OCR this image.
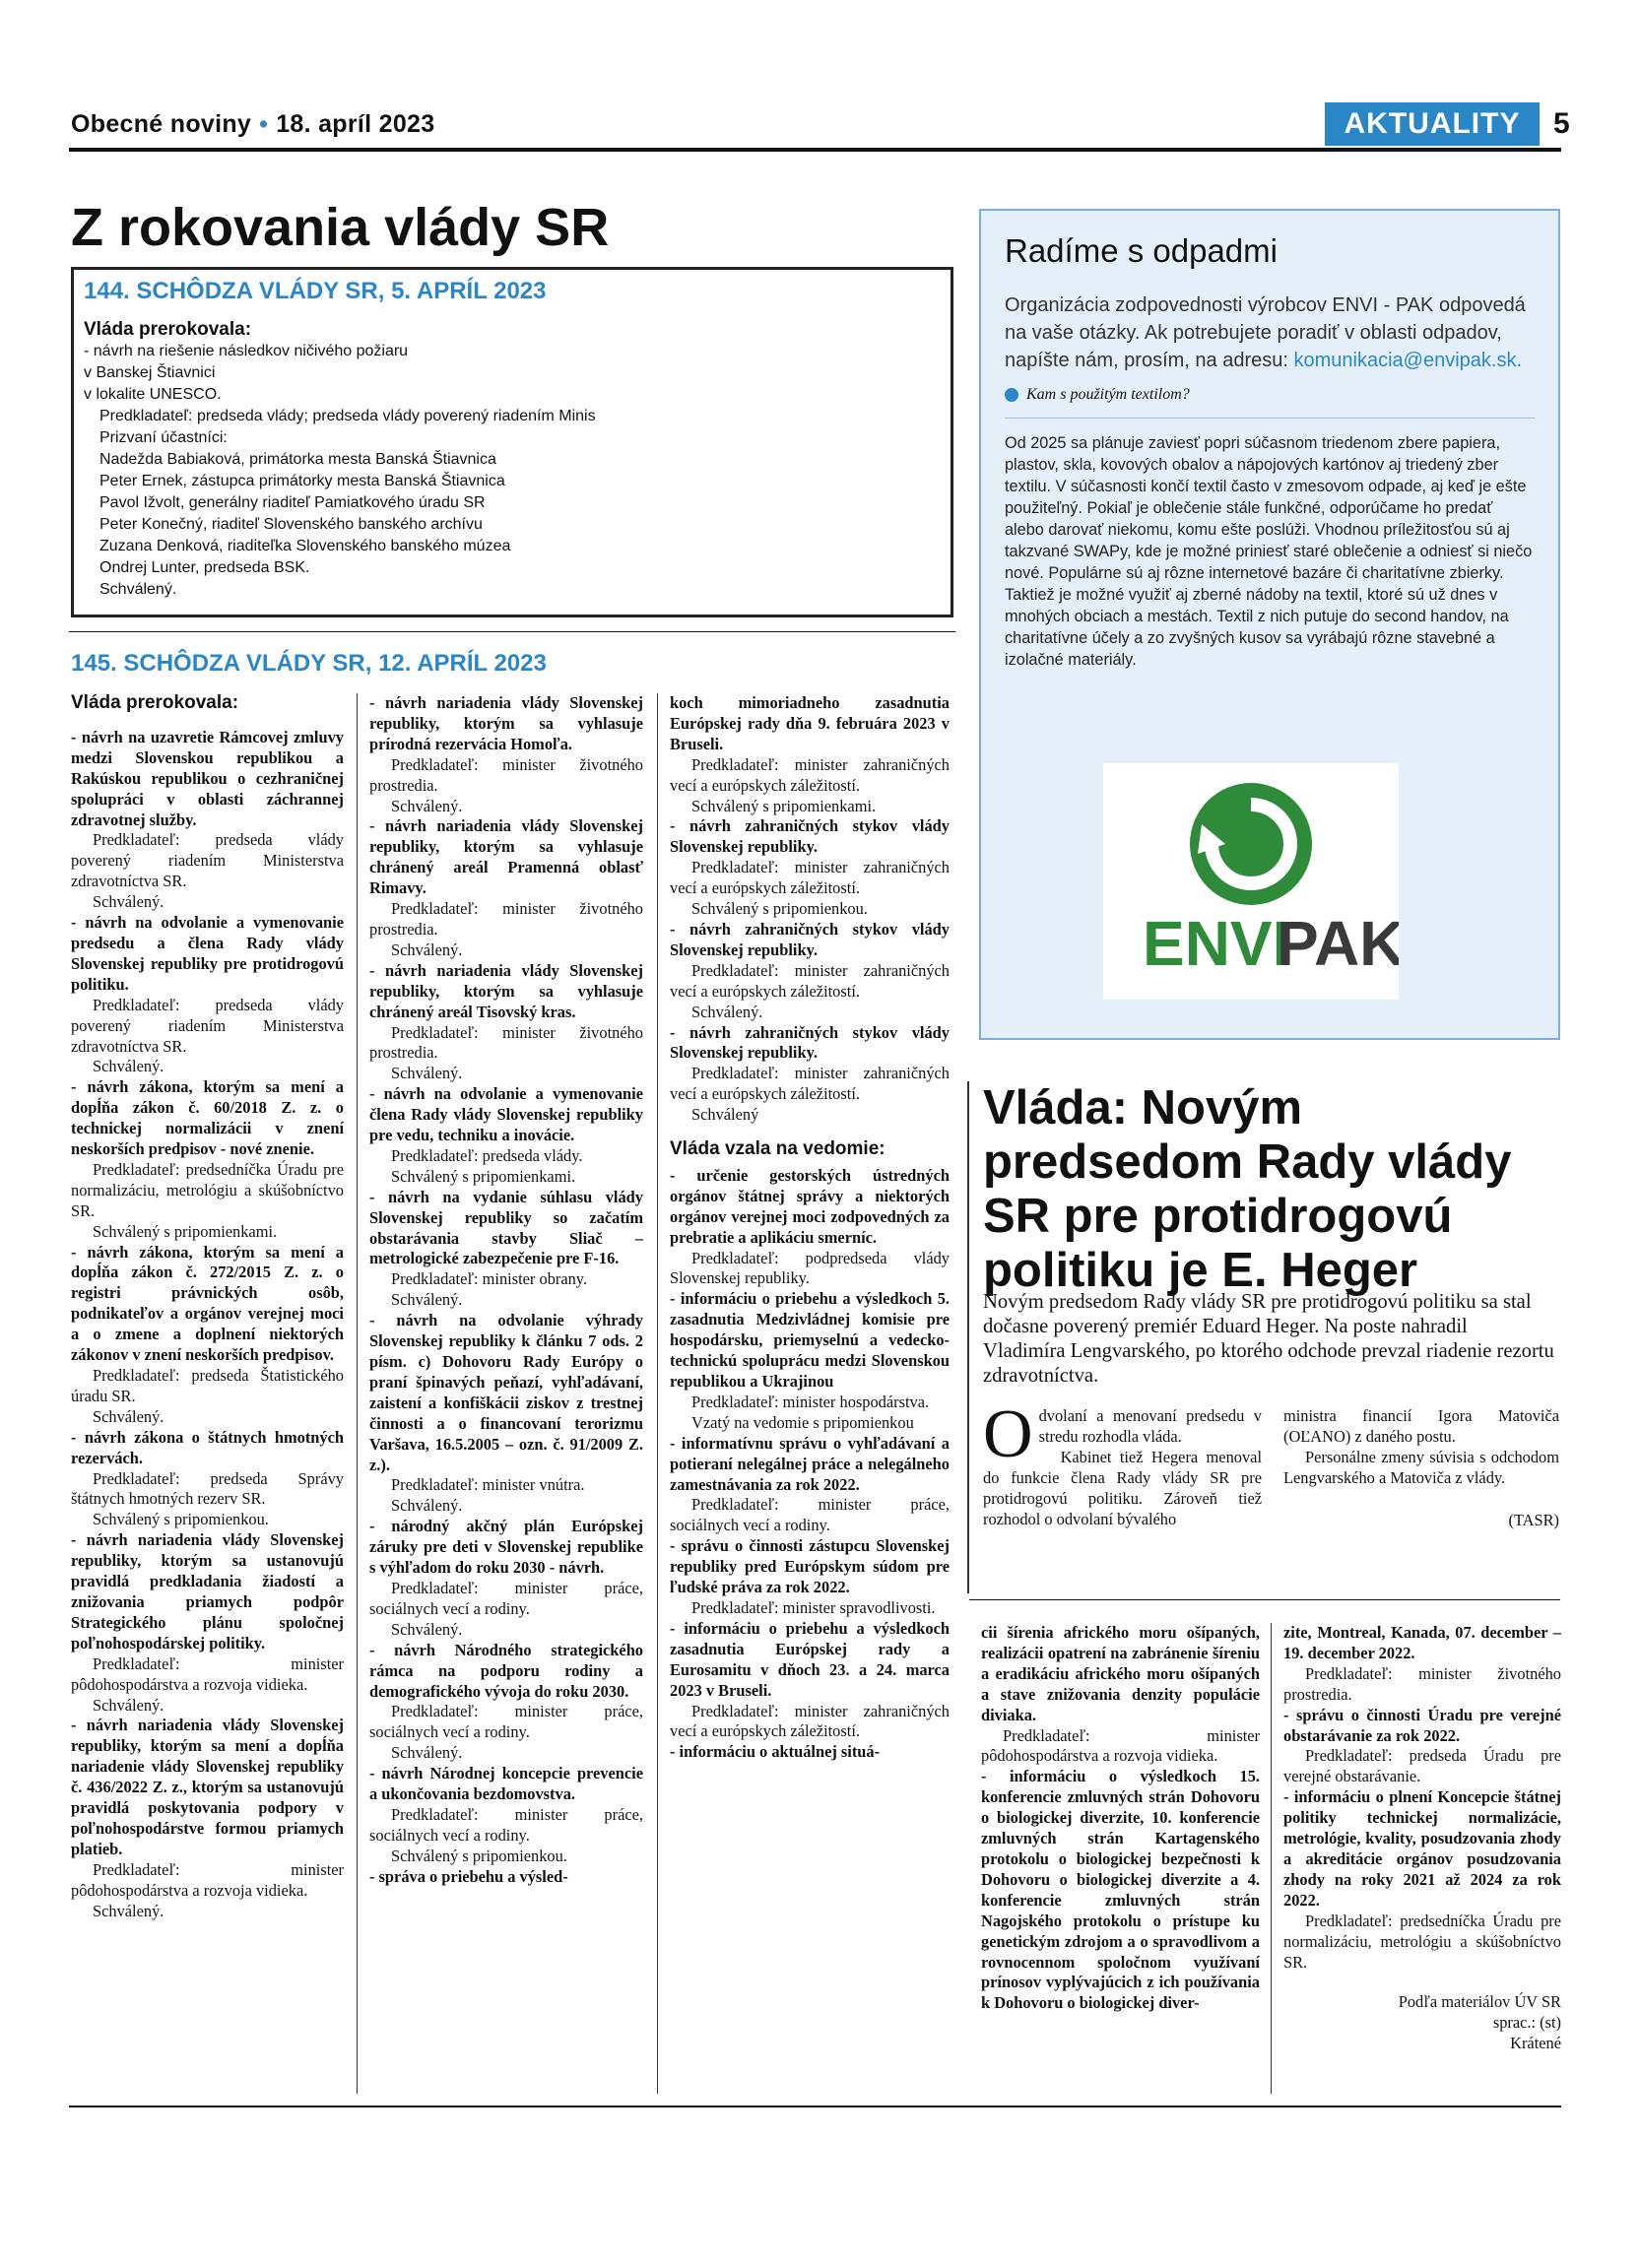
Obecné noviny • 18. apríl 2023	AKTUALITY	5
Z rokovania vlády SR
144. SCHÔDZA VLÁDY SR, 5. APRÍL 2023
Vláda prerokovala:
- návrh na riešenie následkov ničivého požiaru
v Banskej Štiavnici
v lokalite UNESCO.
Predkladateľ: predseda vlády; predseda vlády poverený riadením Minis
Prizvaní účastníci:
Nadežda Babiaková, primátorka mesta Banská Štiavnica
Peter Ernek, zástupca primátorky mesta Banská Štiavnica
Pavol Ižvolt, generálny riaditeľ Pamiatkového úradu SR
Peter Konečný, riaditeľ Slovenského banského archívu
Zuzana Denková, riaditeľka Slovenského banského múzea
Ondrej Lunter, predseda BSK.
Schválený.
145. SCHÔDZA VLÁDY SR, 12. APRÍL 2023
Vláda prerokovala:

- návrh na uzavretie Rámcovej zmluvy medzi Slovenskou republikou a Rakúskou republikou o cezhraničnej spolupráci v oblasti záchrannej zdravotnej služby.

Predkladateľ: predseda vlády poverený riadením Ministerstva zdravotníctva SR.

Schválený.

- návrh na odvolanie a vymenovanie predsedu a člena Rady vlády Slovenskej republiky pre protidrogovú politiku.

Predkladateľ: predseda vlády poverený riadením Ministerstva zdravotníctva SR.

Schválený.

- návrh zákona, ktorým sa mení a dopĺňa zákon č. 60/2018 Z. z. o technickej normalizácii v znení neskorších predpisov - nové znenie.

Predkladateľ: predsedníčka Úradu pre normalizáciu, metrológiu a skúšobníctvo SR.

Schválený s pripomienkami.

- návrh zákona, ktorým sa mení a dopĺňa zákon č. 272/2015 Z. z. o registri právnických osôb, podnikateľov a orgánov verejnej moci a o zmene a doplnení niektorých zákonov v znení neskorších predpisov.

Predkladateľ: predseda Štatistického úradu SR.

Schválený.

- návrh zákona o štátnych hmotných rezervách.

Predkladateľ: predseda Správy štátnych hmotných rezerv SR.

Schválený s pripomienkou.

- návrh nariadenia vlády Slovenskej republiky, ktorým sa ustanovujú pravidlá predkladania žiadostí a znižovania priamych podpôr Strategického plánu spoločnej poľnohospodárskej politiky.

Predkladateľ: minister pôdohospodárstva a rozvoja vidieka.

Schválený.

- návrh nariadenia vlády Slovenskej republiky, ktorým sa mení a dopĺňa nariadenie vlády Slovenskej republiky č. 436/2022 Z. z., ktorým sa ustanovujú pravidlá poskytovania podpory v poľnohospodárstve formou priamych platieb.

Predkladateľ: minister pôdohospodárstva a rozvoja vidieka.

Schválený.

- návrh nariadenia vlády Slovenskej republiky, ktorým sa vyhlasuje prírodná rezervácia Homoľa.

Predkladateľ: minister životného prostredia.

Schválený.

- návrh nariadenia vlády Slovenskej republiky, ktorým sa vyhlasuje chránený areál Pramenná oblasť Rimavy.

Predkladateľ: minister životného prostredia.

Schválený.

- návrh nariadenia vlády Slovenskej republiky, ktorým sa vyhlasuje chránený areál Tisovský kras.

Predkladateľ: minister životného prostredia.

Schválený.

- návrh na odvolanie a vymenovanie člena Rady vlády Slovenskej republiky pre vedu, techniku a inovácie.

Predkladateľ: predseda vlády.

Schválený s pripomienkami.

- návrh na vydanie súhlasu vlády Slovenskej republiky so začatím obstarávania stavby Sliač – metrologické zabezpečenie pre F-16.

Predkladateľ: minister obrany.

Schválený.

- návrh na odvolanie výhrady Slovenskej republiky k článku 7 ods. 2 písm. c) Dohovoru Rady Európy o praní špinavých peňazí, vyhľadávaní, zaistení a konfiškácii ziskov z trestnej činnosti a o financovaní terorizmu Varšava, 16.5.2005 – ozn. č. 91/2009 Z. z.).

Predkladateľ: minister vnútra.

Schválený.

- národný akčný plán Európskej záruky pre deti v Slovenskej republike s výhľadom do roku 2030 - návrh.

Predkladateľ: minister práce, sociálnych vecí a rodiny.

Schválený.

- návrh Národného strategického rámca na podporu rodiny a demografického vývoja do roku 2030.

Predkladateľ: minister práce, sociálnych vecí a rodiny.

Schválený.

- návrh Národnej koncepcie prevencie a ukončovania bezdomovstva.

Predkladateľ: minister práce, sociálnych vecí a rodiny.

Schválený s pripomienkou.

- správa o priebehu a výsled-

koch mimoriadneho zasadnutia Európskej rady dňa 9. februára 2023 v Bruseli.

Predkladateľ: minister zahraničných vecí a európskych záležitostí.

Schválený s pripomienkami.

- návrh zahraničných stykov vlády Slovenskej republiky.

Predkladateľ: minister zahraničných vecí a európskych záležitostí.

Schválený s pripomienkou.

- návrh zahraničných stykov vlády Slovenskej republiky.

Predkladateľ: minister zahraničných vecí a európskych záležitostí.

Schválený.

- návrh zahraničných stykov vlády Slovenskej republiky.

Predkladateľ: minister zahraničných vecí a európskych záležitostí.

Schválený

Vláda vzala na vedomie:

- určenie gestorských ústredných orgánov štátnej správy a niektorých orgánov verejnej moci zodpovedných za prebratie a aplikáciu smerníc.

Predkladateľ: podpredseda vlády Slovenskej republiky.

- informáciu o priebehu a výsledkoch 5. zasadnutia Medzivládnej komisie pre hospodársku, priemyselnú a vedecko-technickú spoluprácu medzi Slovenskou republikou a Ukrajinou

Predkladateľ: minister hospodárstva.

Vzatý na vedomie s pripomienkou

- informatívnu správu o vyhľadávaní a potieraní nelegálnej práce a nelegálneho zamestnávania za rok 2022.

Predkladateľ: minister práce, sociálnych vecí a rodiny.

- správu o činnosti zástupcu Slovenskej republiky pred Európskym súdom pre ľudské práva za rok 2022.

Predkladateľ: minister spravodlivosti.

- informáciu o priebehu a výsledkoch zasadnutia Európskej rady a Eurosamitu v dňoch 23. a 24. marca 2023 v Bruseli.

Predkladateľ: minister zahraničných vecí a európskych záležitostí.

- informáciu o aktuálnej situá-

Radíme s odpadmi
Organizácia zodpovednosti výrobcov ENVI - PAK odpovedá na vaše otázky. Ak potrebujete poradiť v oblasti odpadov, napíšte nám, prosím, na adresu: komunikacia@envipak.sk.
Kam s použitým textilom?
Od 2025 sa plánuje zaviesť popri súčasnom triedenom zbere papiera, plastov, skla, kovových obalov a nápojových kartónov aj triedený zber textilu. V súčasnosti končí textil často v zmesovom odpade, aj keď je ešte použiteľný. Pokiaľ je oblečenie stále funkčné, odporúčame ho predať alebo darovať niekomu, komu ešte poslúži. Vhodnou príležitosťou sú aj takzvané SWAPy, kde je možné priniesť staré oblečenie a odniesť si niečo nové. Populárne sú aj rôzne internetové bazáre či charitatívne zbierky. Taktiež je možné využiť aj zberné nádoby na textil, ktoré sú už dnes v mnohých obciach a mestách. Textil z nich putuje do second handov, na charitatívne účely a zo zvyšných kusov sa vyrábajú rôzne stavebné a izolačné materiály.
ENVI
PAK
Vláda: Novým predsedom Rady vlády SR pre protidrogovú politiku je E. Heger
Novým predsedom Rady vlády SR pre protidrogovú politiku sa stal dočasne poverený premiér Eduard Heger. Na poste nahradil Vladimíra Lengvarského, po ktorého odchode prevzal riadenie rezortu zdravotníctva.
Odvolaní a menovaní predsedu v stredu rozhodla vláda.
Kabinet tiež Hegera menoval do funkcie člena Rady vlády SR pre protidrogovú politiku. Zároveň tiež rozhodol o odvolaní bývalého
ministra financií Igora Matoviča (OĽANO) z daného postu.
Personálne zmeny súvisia s odchodom Lengvarského a Matoviča z vlády.
(TASR)

cii šírenia afrického moru ošípaných, realizácii opatrení na zabránenie šíreniu a eradikáciu afrického moru ošípaných a stave znižovania denzity populácie diviaka.

Predkladateľ: minister pôdohospodárstva a rozvoja vidieka.

- informáciu o výsledkoch 15. konferencie zmluvných strán Dohovoru o biologickej diverzite, 10. konferencie zmluvných strán Kartagenského protokolu o biologickej bezpečnosti k Dohovoru o biologickej diverzite a 4. konferencie zmluvných strán Nagojského protokolu o prístupe ku genetickým zdrojom a o spravodlivom a rovnocennom spoločnom využívaní prínosov vyplývajúcich z ich používania k Dohovoru o biologickej diver-

zite, Montreal, Kanada, 07. december – 19. december 2022.

Predkladateľ: minister životného prostredia.

- správu o činnosti Úradu pre verejné obstarávanie za rok 2022.

Predkladateľ: predseda Úradu pre verejné obstarávanie.

- informáciu o plnení Koncepcie štátnej politiky technickej normalizácie, metrológie, kvality, posudzovania zhody a akreditácie orgánov posudzovania zhody na roky 2021 až 2024 za rok 2022.

Predkladateľ: predsedníčka Úradu pre normalizáciu, metrológiu a skúšobníctvo SR.

Podľa materiálov ÚV SR
sprac.: (st)
Krátené
